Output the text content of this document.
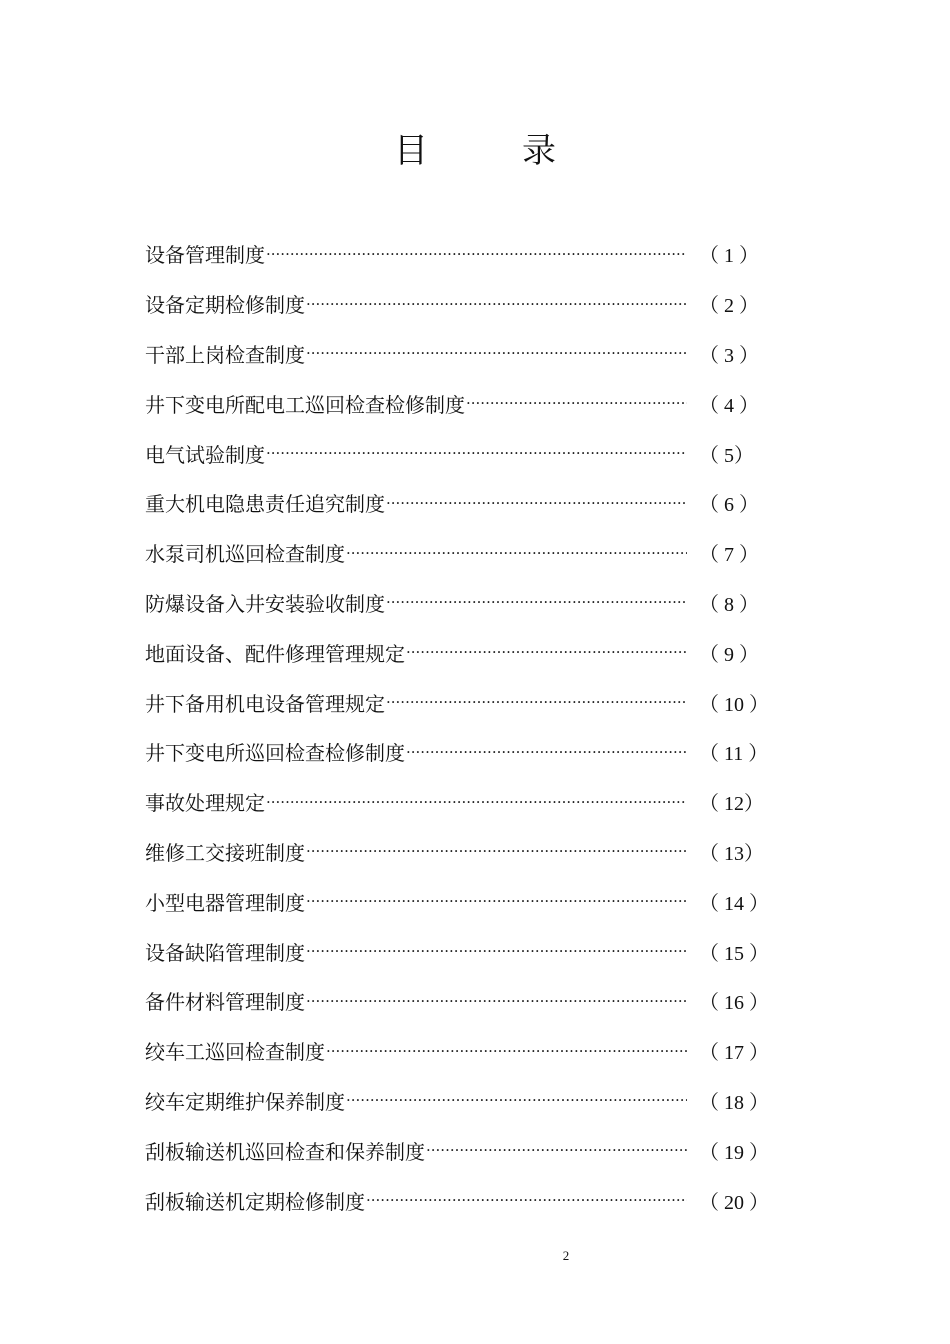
目　录
设备管理制度 ·····	（ 1 ）
设备定期检修制度 ·····	（ 2 ）
干部上岗检查制度 ·····	（ 3 ）
井下变电所配电工巡回检查检修制度 ·····	（ 4 ）
电气试验制度 ·····	（ 5）
重大机电隐患责任追究制度 ·····	（ 6 ）
水泵司机巡回检查制度 ·····	（ 7 ）
防爆设备入井安装验收制度 ·····	（ 8 ）
地面设备、配件修理管理规定 ·····	（ 9 ）
井下备用机电设备管理规定 ·····	（ 10 ）
井下变电所巡回检查检修制度 ·····	（ 11 ）
事故处理规定 ·····	（ 12）
维修工交接班制度 ·····	（ 13）
小型电器管理制度 ·····	（ 14 ）
设备缺陷管理制度 ·····	（ 15 ）
备件材料管理制度 ·····	（ 16 ）
绞车工巡回检查制度 ·····	（ 17 ）
绞车定期维护保养制度 ·····	（ 18 ）
刮板输送机巡回检查和保养制度 ·····	（ 19 ）
刮板输送机定期检修制度 ·····	（ 20 ）
2
